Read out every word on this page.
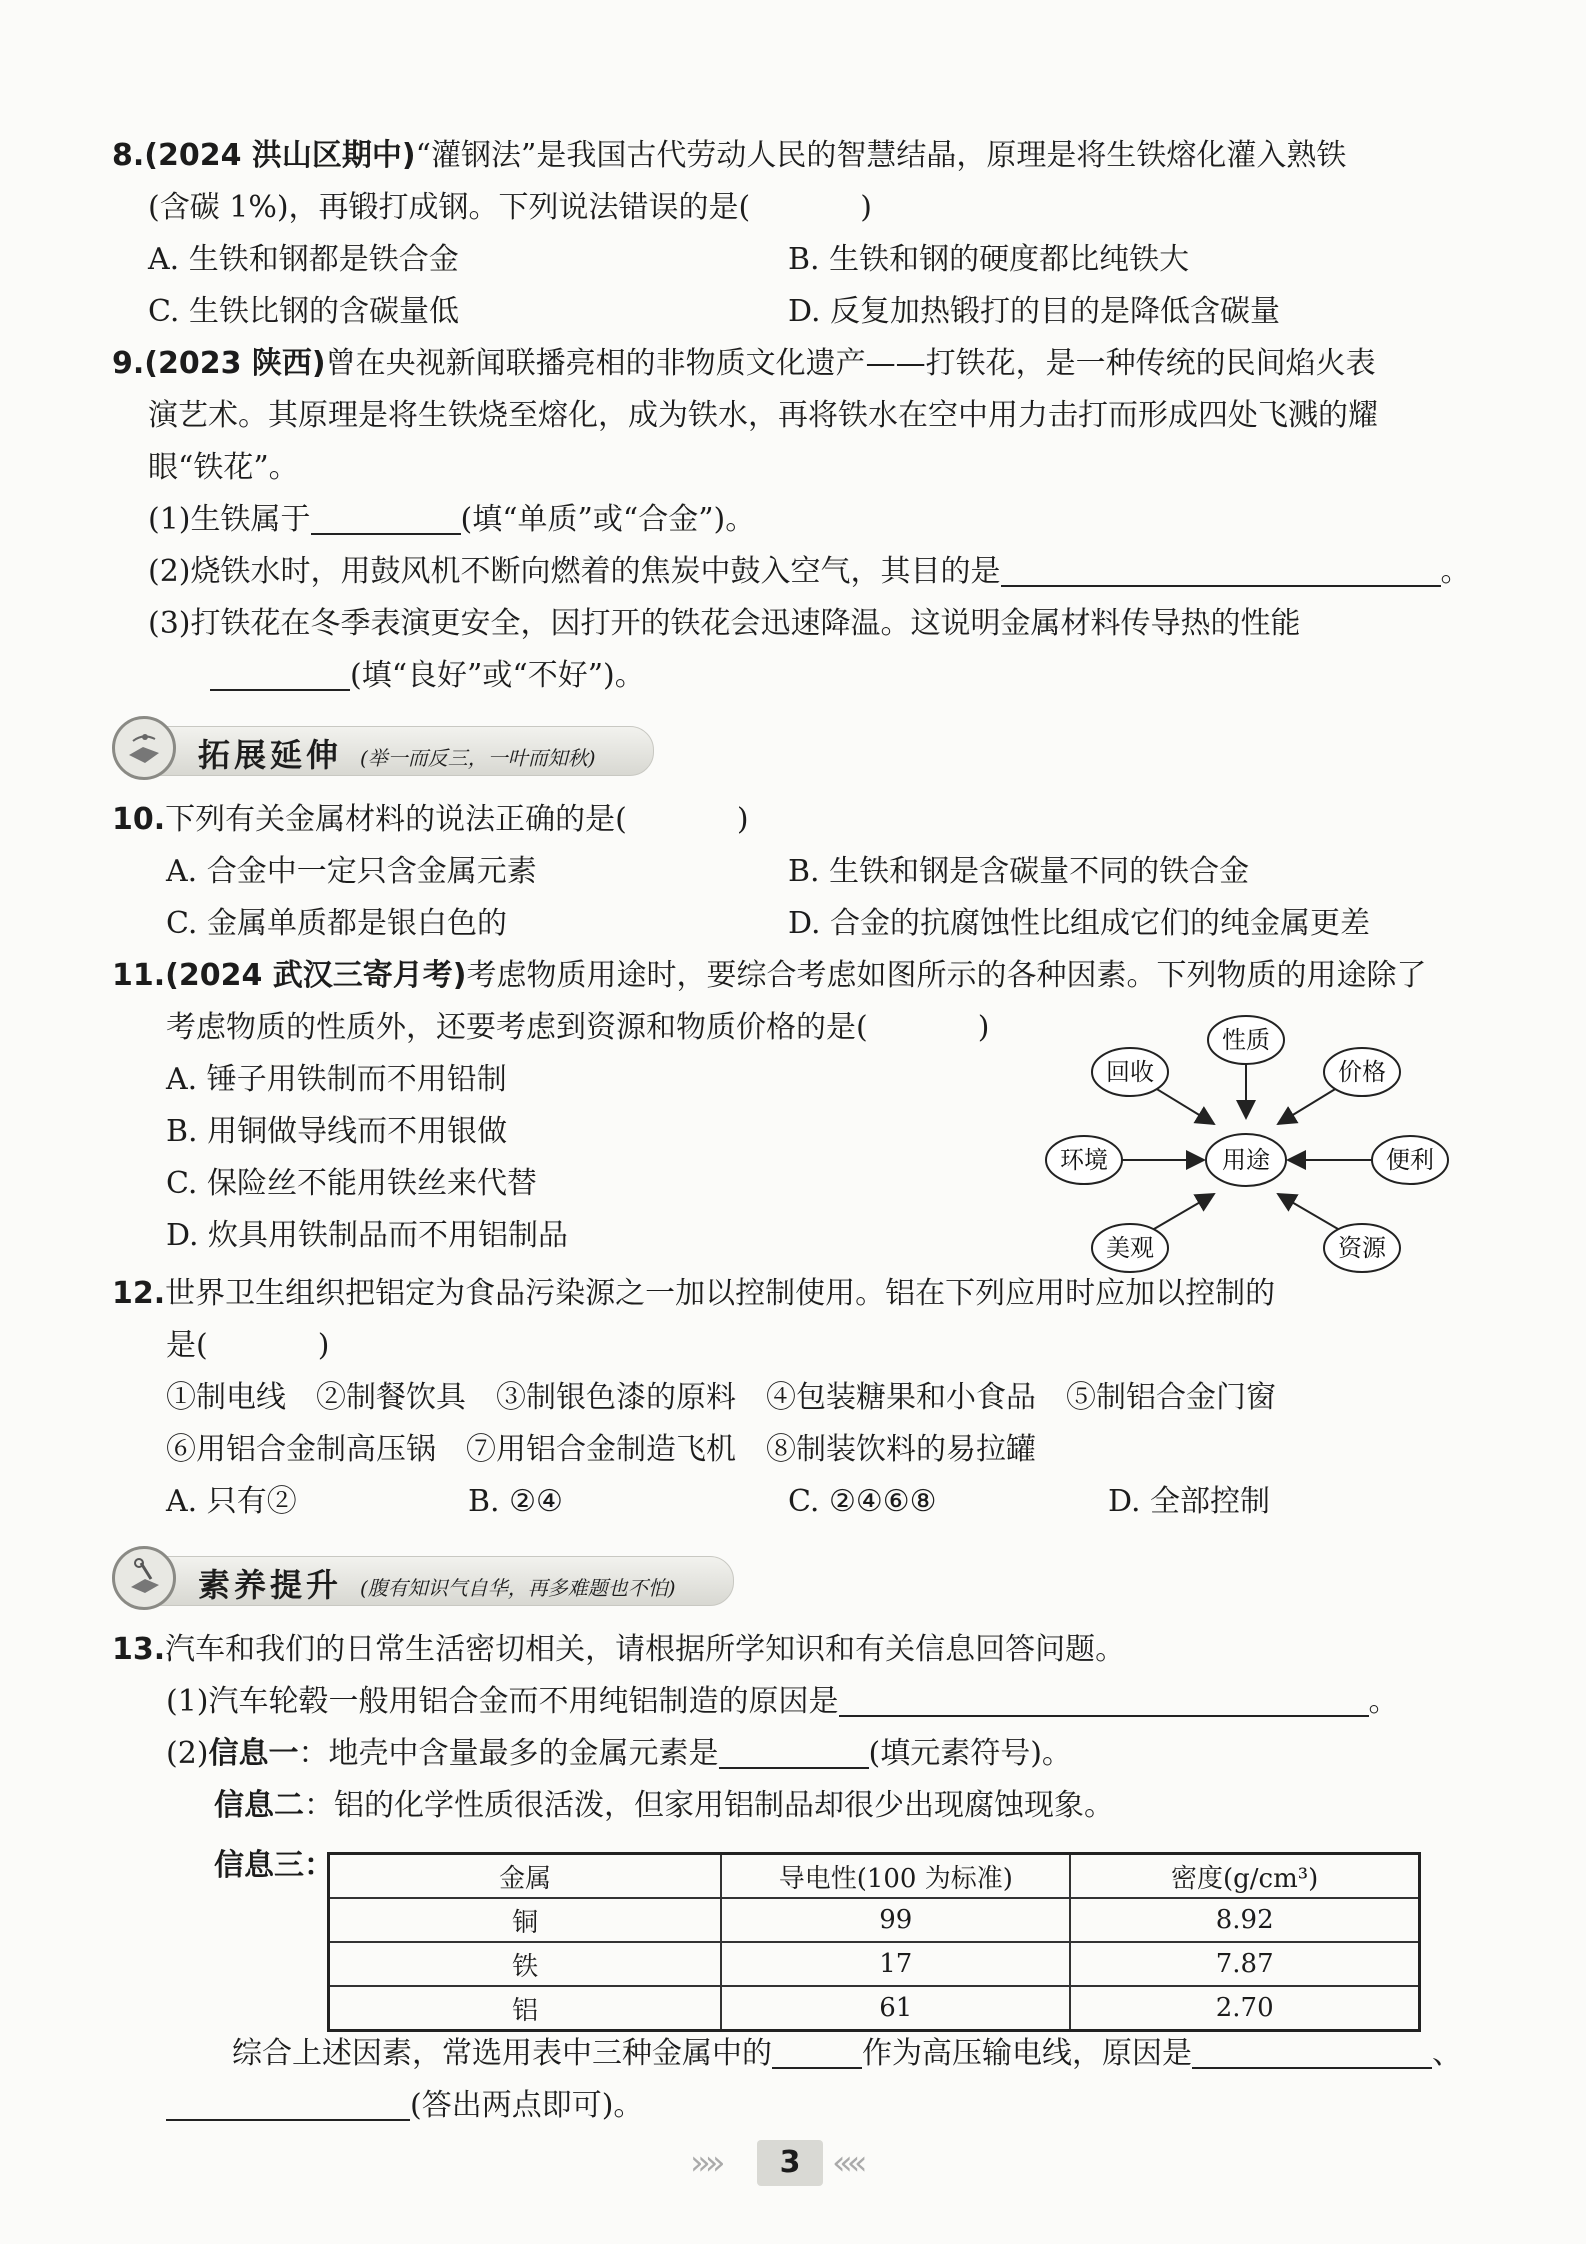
8.(2024 洪山区期中)“灌钢法”是我国古代劳动人民的智慧结晶，原理是将生铁熔化灌入熟铁
(含碳 1%)，再锻打成钢。下列说法错误的是(	)
A. 生铁和钢都是铁合金	B. 生铁和钢的硬度都比纯铁大
C. 生铁比钢的含碳量低	D. 反复加热锻打的目的是降低含碳量
9.(2023 陕西)曾在央视新闻联播亮相的非物质文化遗产——打铁花，是一种传统的民间焰火表
演艺术。其原理是将生铁烧至熔化，成为铁水，再将铁水在空中用力击打而形成四处飞溅的耀
眼“铁花”。
(1)生铁属于	(填“单质”或“合金”)。
(2)烧铁水时，用鼓风机不断向燃着的焦炭中鼓入空气，其目的是	。
(3)打铁花在冬季表演更安全，因打开的铁花会迅速降温。这说明金属材料传导热的性能
(填“良好”或“不好”)。
拓展延伸 (举一而反三，一叶而知秋)
10.下列有关金属材料的说法正确的是(	)
A. 合金中一定只含金属元素	B. 生铁和钢是含碳量不同的铁合金
C. 金属单质都是银白色的	D. 合金的抗腐蚀性比组成它们的纯金属更差
11.(2024 武汉三寄月考)考虑物质用途时，要综合考虑如图所示的各种因素。下列物质的用途除了
考虑物质的性质外，还要考虑到资源和物质价格的是(	)
A. 锤子用铁制而不用铅制
B. 用铜做导线而不用银做
C. 保险丝不能用铁丝来代替
D. 炊具用铁制品而不用铝制品
用途
性质
回收	价格
环境	便利
美观	资源
12.世界卫生组织把铝定为食品污染源之一加以控制使用。铝在下列应用时应加以控制的
是(	)
①制电线　②制餐饮具　③制银色漆的原料　④包装糖果和小食品　⑤制铝合金门窗
⑥用铝合金制高压锅　⑦用铝合金制造飞机　⑧制装饮料的易拉罐
A. 只有②	B. ②④	C. ②④⑥⑧	D. 全部控制
素养提升 (腹有知识气自华，再多难题也不怕)
13.汽车和我们的日常生活密切相关，请根据所学知识和有关信息回答问题。
(1)汽车轮毂一般用铝合金而不用纯铝制造的原因是	。
(2)信息一：地壳中含量最多的金属元素是	(填元素符号)。
信息二：铝的化学性质很活泼，但家用铝制品却很少出现腐蚀现象。
信息三：	金属	导电性(100 为标准)	密度(g/cm³)
铜	99	8.92
铁	17	7.87
铝	61	2.70
综合上述因素，常选用表中三种金属中的	作为高压输电线，原因是	、
(答出两点即可)。
»»	3 ««
